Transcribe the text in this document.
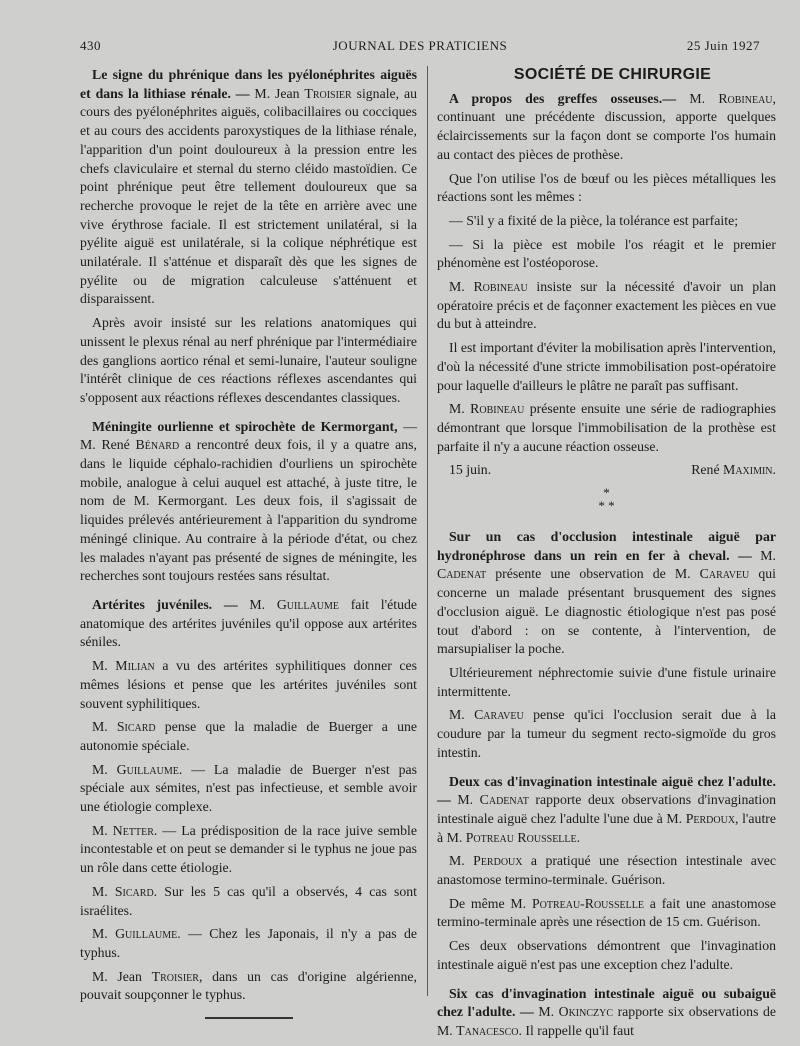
430	JOURNAL DES PRATICIENS	25 Juin 1927

Le signe du phrénique dans les pyélonéphrites aiguës et dans la lithiase rénale. — M. Jean Troisier signale, au cours des pyélonéphrites aiguës, colibacillaires ou cocciques et au cours des accidents paroxystiques de la lithiase rénale, l'apparition d'un point douloureux à la pression entre les chefs claviculaire et sternal du sterno cléido mastoïdien. Ce point phrénique peut être tellement douloureux que sa recherche provoque le rejet de la tête en arrière avec une vive érythrose faciale. Il est strictement unilatéral, si la pyélite aiguë est unilatérale, si la colique néphrétique est unilatérale. Il s'atténue et disparaît dès que les signes de pyélite ou de migration calculeuse s'atténuent et disparaissent.

Après avoir insisté sur les relations anatomiques qui unissent le plexus rénal au nerf phrénique par l'intermédiaire des ganglions aortico rénal et semi-lunaire, l'auteur souligne l'intérêt clinique de ces réactions réflexes ascendantes qui s'opposent aux réactions réflexes descendantes classiques.

Méningite ourlienne et spirochète de Kermorgant, — M. René Bénard a rencontré deux fois, il y a quatre ans, dans le liquide céphalo-rachidien d'ourliens un spirochète mobile, analogue à celui auquel est attaché, à juste titre, le nom de M. Kermorgant. Les deux fois, il s'agissait de liquides prélevés antérieurement à l'apparition du syndrome méningé clinique. Au contraire à la période d'état, ou chez les malades n'ayant pas présenté de signes de méningite, les recherches sont toujours restées sans résultat.

Artérites juvéniles. — M. Guillaume fait l'étude anatomique des artérites juvéniles qu'il oppose aux artérites séniles.

M. Milian a vu des artérites syphilitiques donner ces mêmes lésions et pense que les artérites juvéniles sont souvent syphilitiques.

M. Sicard pense que la maladie de Buerger a une autonomie spéciale.

M. Guillaume. — La maladie de Buerger n'est pas spéciale aux sémites, n'est pas infectieuse, et semble avoir une étiologie complexe.

M. Netter. — La prédisposition de la race juive semble incontestable et on peut se demander si le typhus ne joue pas un rôle dans cette étiologie.

M. Sicard. Sur les 5 cas qu'il a observés, 4 cas sont israélites.

M. Guillaume. — Chez les Japonais, il n'y a pas de typhus.

M. Jean Troisier, dans un cas d'origine algérienne, pouvait soupçonner le typhus.

SOCIÉTÉ DE CHIRURGIE

A propos des greffes osseuses.— M. Robineau, continuant une précédente discussion, apporte quelques éclaircissements sur la façon dont se comporte l'os humain au contact des pièces de prothèse.

Que l'on utilise l'os de bœuf ou les pièces métalliques les réactions sont les mêmes :

— S'il y a fixité de la pièce, la tolérance est parfaite;

— Si la pièce est mobile l'os réagit et le premier phénomène est l'ostéoporose.

M. Robineau insiste sur la nécessité d'avoir un plan opératoire précis et de façonner exactement les pièces en vue du but à atteindre.

Il est important d'éviter la mobilisation après l'intervention, d'où la nécessité d'une stricte immobilisation post-opératoire pour laquelle d'ailleurs le plâtre ne paraît pas suffisant.

M. Robineau présente ensuite une série de radiographies démontrant que lorsque l'immobilisation de la prothèse est parfaite il n'y a aucune réaction osseuse.

15 juin.	René Maximin.
*
* *

Sur un cas d'occlusion intestinale aiguë par hydronéphrose dans un rein en fer à cheval. — M. Cadenat présente une observation de M. Caraveu qui concerne un malade présentant brusquement des signes d'occlusion aiguë. Le diagnostic étiologique n'est pas posé tout d'abord : on se contente, à l'intervention, de marsupialiser la poche.

Ultérieurement néphrectomie suivie d'une fistule urinaire intermittente.

M. Caraveu pense qu'ici l'occlusion serait due à la coudure par la tumeur du segment recto-sigmoïde du gros intestin.

Deux cas d'invagination intestinale aiguë chez l'adulte. — M. Cadenat rapporte deux observations d'invagination intestinale aiguë chez l'adulte l'une due à M. Perdoux, l'autre à M. Potreau Rousselle.

M. Perdoux a pratiqué une résection intestinale avec anastomose termino-terminale. Guérison.

De même M. Potreau-Rousselle a fait une anastomose termino-terminale après une résection de 15 cm. Guérison.

Ces deux observations démontrent que l'invagination intestinale aiguë n'est pas une exception chez l'adulte.

Six cas d'invagination intestinale aiguë ou subaiguë chez l'adulte. — M. Okinczyc rapporte six observations de M. Tanacesco. Il rappelle qu'il faut
